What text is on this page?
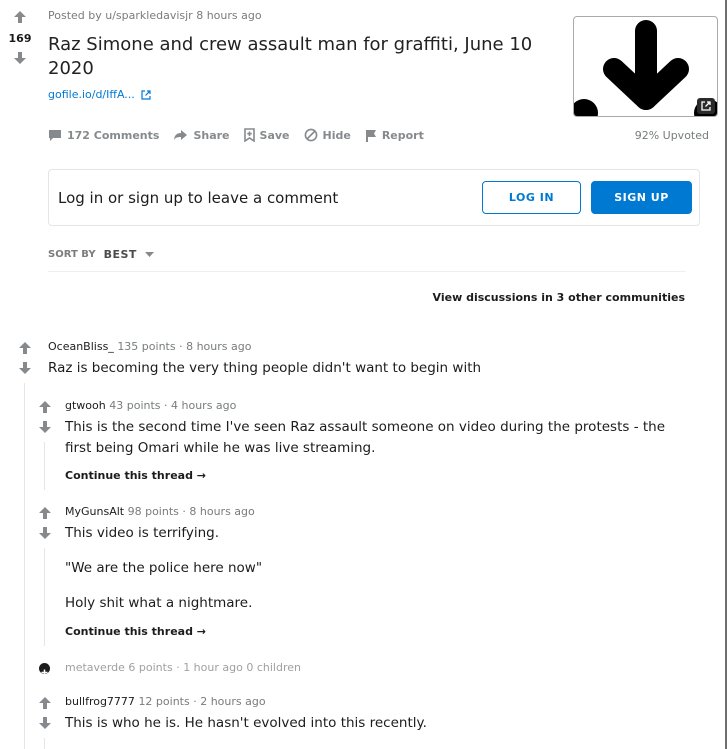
169
Posted by u/sparkledavisjr 8 hours ago
Raz Simone and crew assault man for graffiti, June 10 2020
gofile.io/d/IffA...
172 Comments	Share	Save	Hide	Report	92% Upvoted
Log in or sign up to leave a comment	LOG IN	SIGN UP
SORT BY BEST
View discussions in 3 other communities
OceanBliss_ 135 points · 8 hours ago

Raz is becoming the very thing people didn't want to begin with

gtwooh 43 points · 4 hours ago

This is the second time I've seen Raz assault someone on video during the protests - the first being Omari while he was live streaming.

Continue this thread →
MyGunsAlt 98 points · 8 hours ago

This video is terrifying.

"We are the police here now"

Holy shit what a nightmare.

Continue this thread →
metaverde 6 points · 1 hour ago 0 children
bullfrog7777 12 points · 2 hours ago

This is who he is. He hasn't evolved into this recently.
